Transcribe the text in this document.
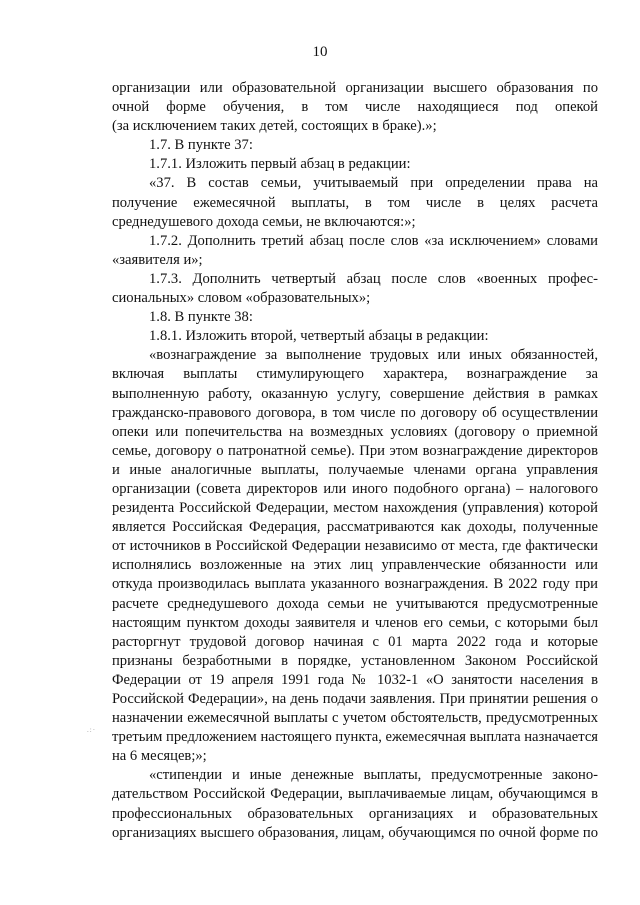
10
организации или образовательной организации высшего образования по
очной форме обучения, в том числе находящиеся под опекой
(за исключением таких детей, состоящих в браке).»;
1.7. В пункте 37:
1.7.1. Изложить первый абзац в редакции:
«37. В состав семьи, учитываемый при определении права на
получение ежемесячной выплаты, в том числе в целях расчета
среднедушевого дохода семьи, не включаются:»;
1.7.2. Дополнить третий абзац после слов «за исключением» словами
«заявителя и»;
1.7.3. Дополнить четвертый абзац после слов «военных профес-
сиональных» словом «образовательных»;
1.8. В пункте 38:
1.8.1. Изложить второй, четвертый абзацы в редакции:
«вознаграждение за выполнение трудовых или иных обязанностей,
включая выплаты стимулирующего характера, вознаграждение за
выполненную работу, оказанную услугу, совершение действия в рамках
гражданско-правового договора, в том числе по договору об осуществлении
опеки или попечительства на возмездных условиях (договору о приемной
семье, договору о патронатной семье). При этом вознаграждение директоров
и иные аналогичные выплаты, получаемые членами органа управления
организации (совета директоров или иного подобного органа) – налогового
резидента Российской Федерации, местом нахождения (управления) которой
является Российская Федерация, рассматриваются как доходы, полученные
от источников в Российской Федерации независимо от места, где фактически
исполнялись возложенные на этих лиц управленческие обязанности или
откуда производилась выплата указанного вознаграждения. В 2022 году при
расчете среднедушевого дохода семьи не учитываются предусмотренные
настоящим пунктом доходы заявителя и членов его семьи, с которыми был
расторгнут трудовой договор начиная с 01 марта 2022 года и которые
признаны безработными в порядке, установленном Законом Российской
Федерации от 19 апреля 1991 года № 1032-1 «О занятости населения в
Российской Федерации», на день подачи заявления. При принятии решения о
назначении ежемесячной выплаты с учетом обстоятельств, предусмотренных
третьим предложением настоящего пункта, ежемесячная выплата назначается
на 6 месяцев;»;
«стипендии и иные денежные выплаты, предусмотренные законо-
дательством Российской Федерации, выплачиваемые лицам, обучающимся в
профессиональных образовательных организациях и образовательных
организациях высшего образования, лицам, обучающимся по очной форме по
.:·
